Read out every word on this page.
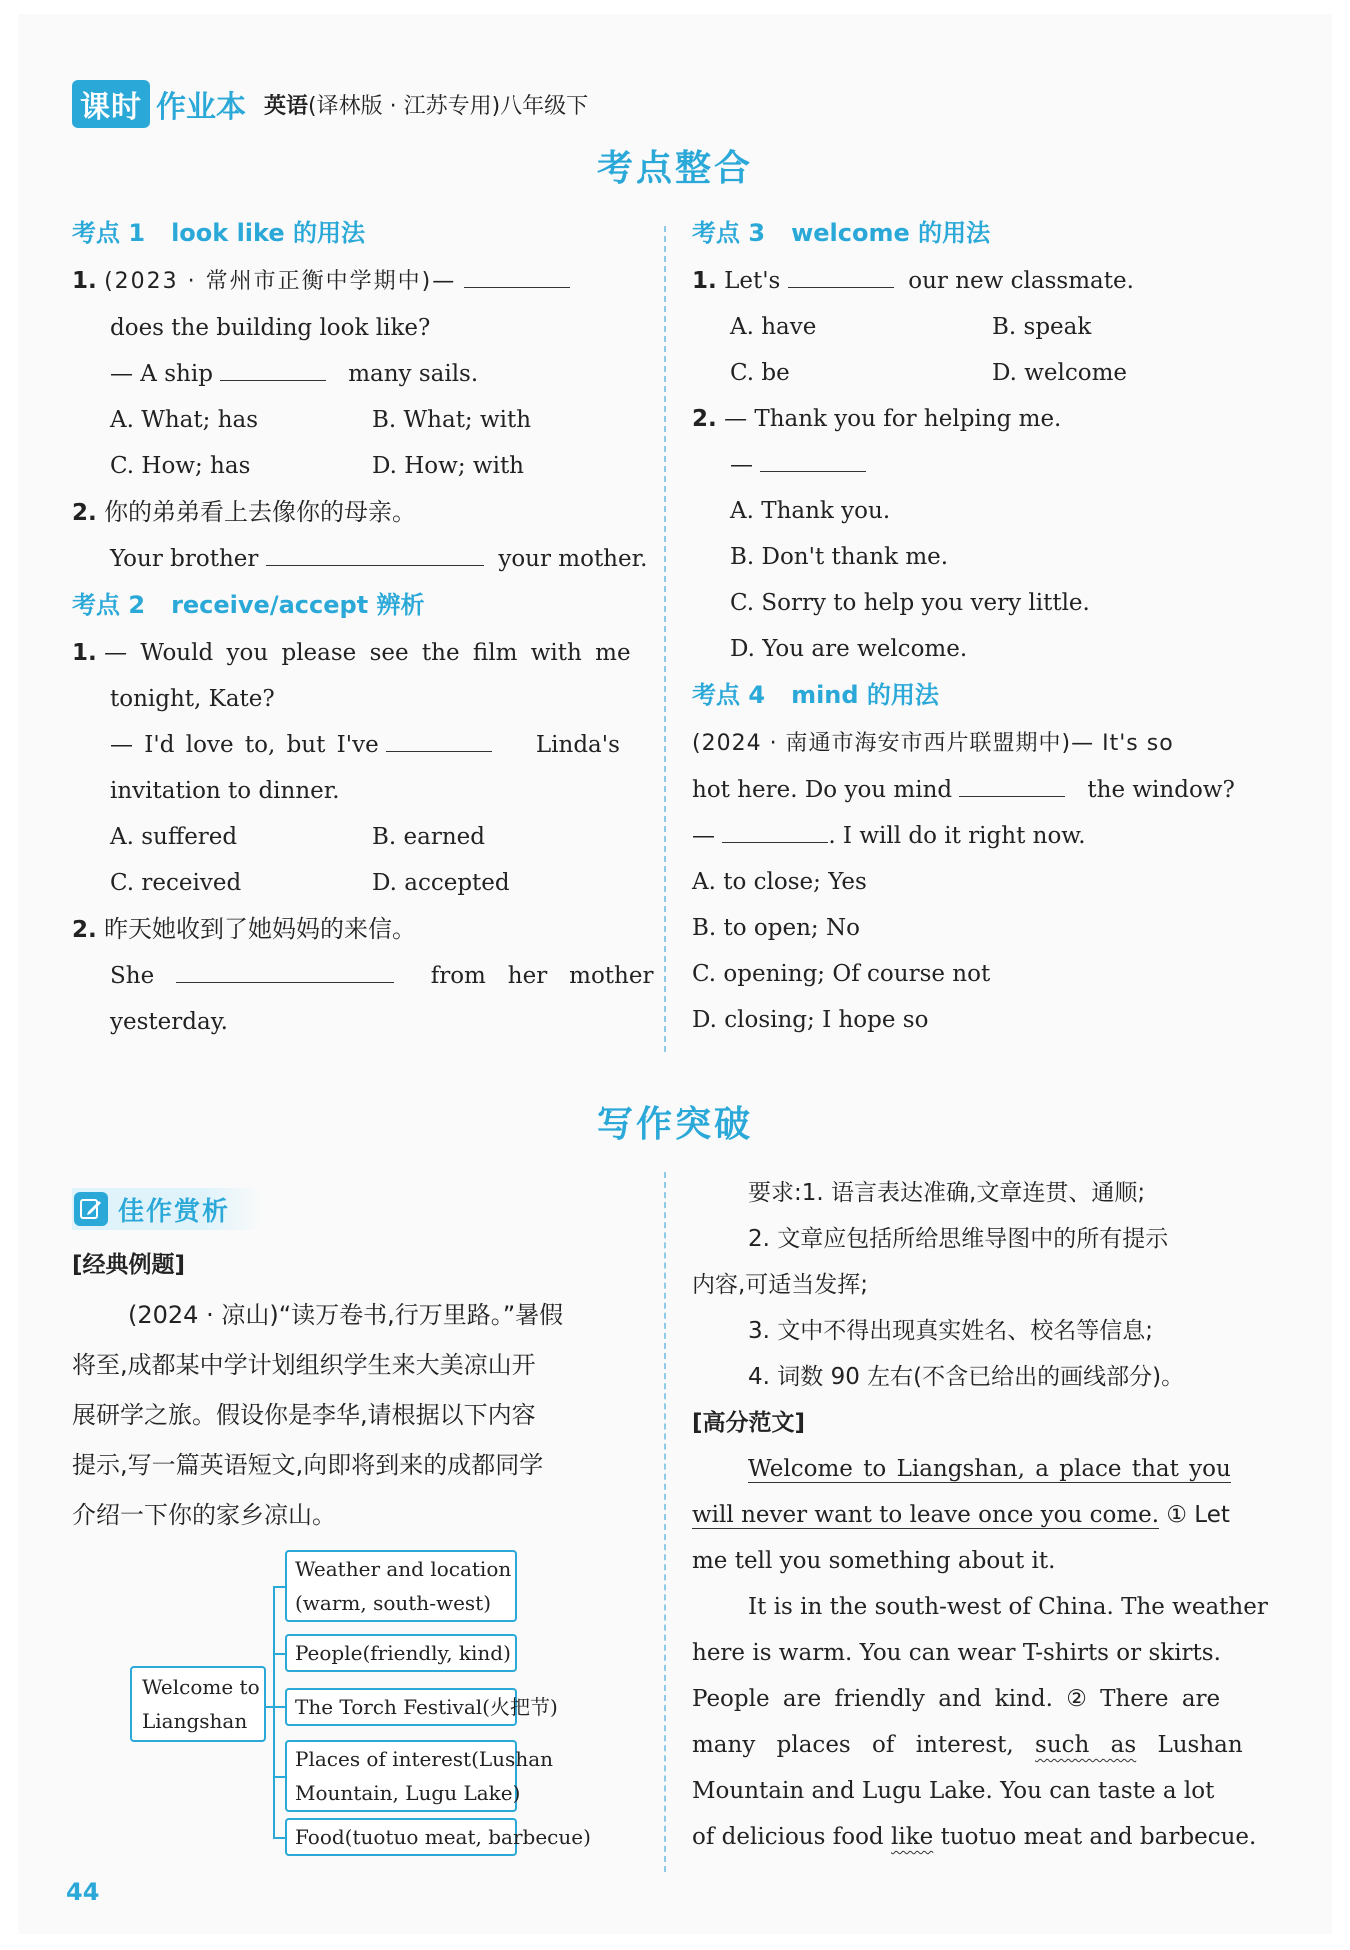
课时 作业本 英语(译林版 · 江苏专用)八年级下
考点整合
考点 1 look like 的用法
1. (2023 · 常州市正衡中学期中)—
does the building look like?
— A ship	many sails.
A. What; has	B. What; with
C. How; has	D. How; with
2. 你的弟弟看上去像你的母亲。
Your brother	your mother.
考点 2 receive/accept 辨析
1. — Would you please see the film with me
tonight, Kate?
— I'd love to, but I've	Linda's
invitation to dinner.
A. suffered	B. earned
C. received	D. accepted
2. 昨天她收到了她妈妈的来信。
She	from   her   mother
yesterday.
考点 3 welcome 的用法
1. Let's	our new classmate.
A. have	B. speak
C. be	D. welcome
2. — Thank you for helping me.
—
A. Thank you.
B. Don't thank me.
C. Sorry to help you very little.
D. You are welcome.
考点 4 mind 的用法
(2024 · 南通市海安市西片联盟期中)— It's so
hot here. Do you mind	the window?
—	. I will do it right now.
A. to close; Yes
B. to open; No
C. opening; Of course not
D. closing; I hope so
写作突破
佳作赏析
[经典例题]
(2024 · 凉山)“读万卷书,行万里路。”暑假
将至,成都某中学计划组织学生来大美凉山开
展研学之旅。假设你是李华,请根据以下内容
提示,写一篇英语短文,向即将到来的成都同学
介绍一下你的家乡凉山。
Welcome to
Liangshan
Weather and location
(warm, south-west)
People(friendly, kind)
The Torch Festival(火把节)
Places of interest(Lushan
Mountain, Lugu Lake)
Food(tuotuo meat, barbecue)
要求:1. 语言表达准确,文章连贯、通顺;
2. 文章应包括所给思维导图中的所有提示
内容,可适当发挥;
3. 文中不得出现真实姓名、校名等信息;
4. 词数 90 左右(不含已给出的画线部分)。
[高分范文]
Welcome to Liangshan, a place that you
will never want to leave once you come. ① Let
me tell you something about it.
It is in the south-west of China. The weather
here is warm. You can wear T-shirts or skirts.
People are friendly and kind. ② There are
many places of interest, such as Lushan
Mountain and Lugu Lake. You can taste a lot
of delicious food like tuotuo meat and barbecue.
44
